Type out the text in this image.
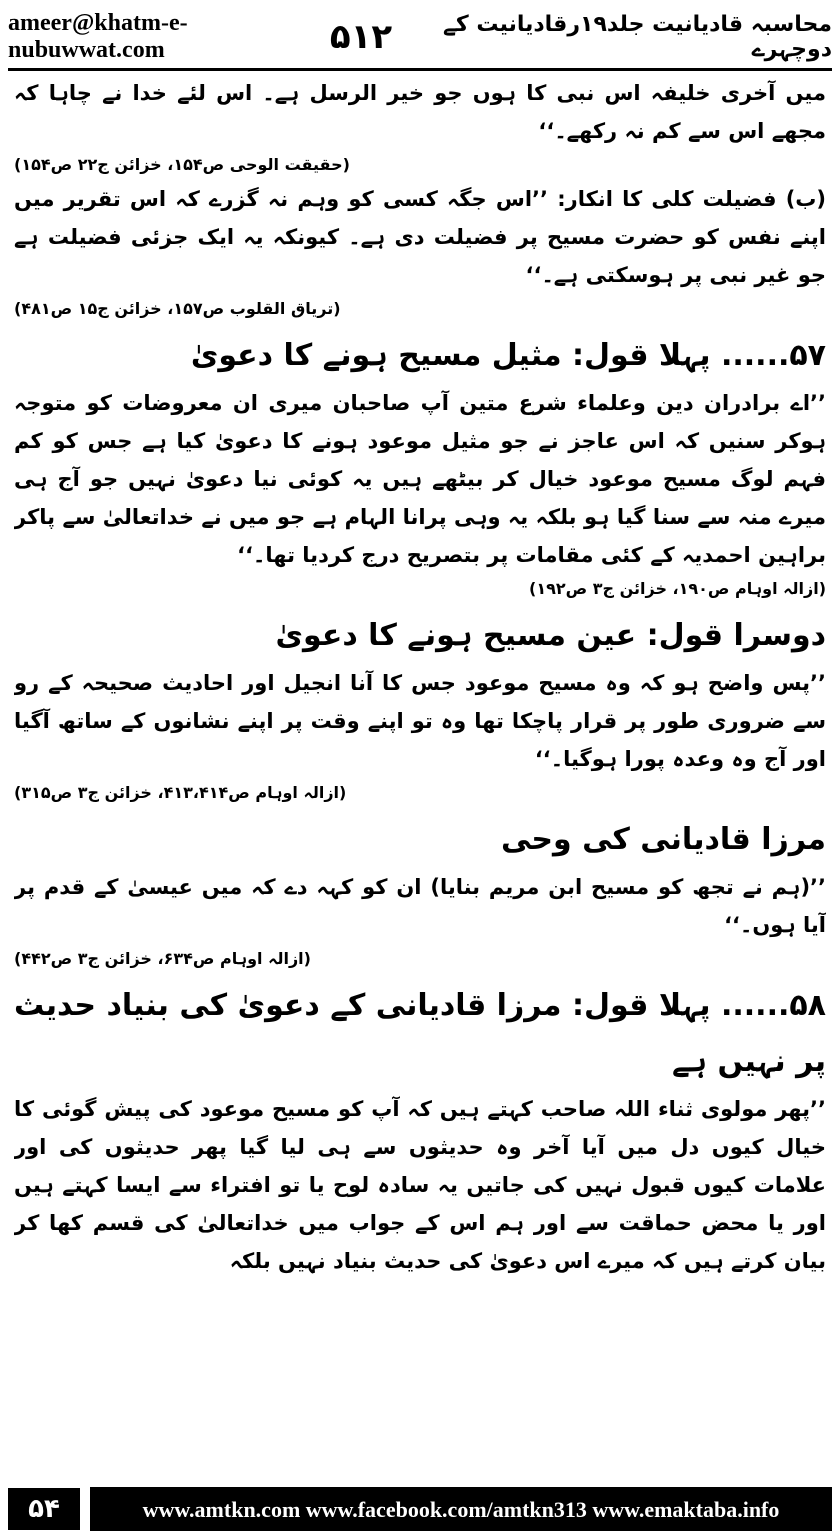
ameer@khatm-e-nubuwwat.com	۵۱۲	محاسبہ قادیانیت جلد۱۹رقادیانیت کے دوچہرے

میں آخری خلیفہ اس نبی کا ہوں جو خیر الرسل ہے۔ اس لئے خدا نے چاہا کہ مجھے اس سے کم نہ رکھے۔‘‘

(حقیقت الوحی ص۱۵۴، خزائن ج۲۲ ص۱۵۴)

(ب) فضیلت کلی کا انکار: ’’اس جگہ کسی کو وہم نہ گزرے کہ اس تقریر میں اپنے نفس کو حضرت مسیح پر فضیلت دی ہے۔ کیونکہ یہ ایک جزئی فضیلت ہے جو غیر نبی پر ہوسکتی ہے۔‘‘

(تریاق القلوب ص۱۵۷، خزائن ج۱۵ ص۴۸۱)

۵۷...... پہلا قول: مثیل مسیح ہونے کا دعویٰ

’’اے برادران دین وعلماء شرع متین آپ صاحبان میری ان معروضات کو متوجہ ہوکر سنیں کہ اس عاجز نے جو مثیل موعود ہونے کا دعویٰ کیا ہے جس کو کم فہم لوگ مسیح موعود خیال کر بیٹھے ہیں یہ کوئی نیا دعویٰ نہیں جو آج ہی میرے منہ سے سنا گیا ہو بلکہ یہ وہی پرانا الہام ہے جو میں نے خداتعالیٰ سے پاکر براہین احمدیہ کے کئی مقامات پر بتصریح درج کردیا تھا۔‘‘

(ازالہ اوہام ص۱۹۰، خزائن ج۳ ص۱۹۲)

دوسرا قول: عین مسیح ہونے کا دعویٰ

’’پس واضح ہو کہ وہ مسیح موعود جس کا آنا انجیل اور احادیث صحیحہ کے رو سے ضروری طور پر قرار پاچکا تھا وہ تو اپنے وقت پر اپنے نشانوں کے ساتھ آگیا اور آج وہ وعدہ پورا ہوگیا۔‘‘

(ازالہ اوہام ص۴۱۳،۴۱۴، خزائن ج۳ ص۳۱۵)

مرزا قادیانی کی وحی

’’(ہم نے تجھ کو مسیح ابن مریم بنایا) ان کو کہہ دے کہ میں عیسیٰ کے قدم پر آیا ہوں۔‘‘

(ازالہ اوہام ص۶۳۴، خزائن ج۳ ص۴۴۲)

۵۸...... پہلا قول: مرزا قادیانی کے دعویٰ کی بنیاد حدیث پر نہیں ہے

’’پھر مولوی ثناء اللہ صاحب کہتے ہیں کہ آپ کو مسیح موعود کی پیش گوئی کا خیال کیوں دل میں آیا آخر وہ حدیثوں سے ہی لیا گیا پھر حدیثوں کی اور علامات کیوں قبول نہیں کی جاتیں یہ سادہ لوح یا تو افتراء سے ایسا کہتے ہیں اور یا محض حماقت سے اور ہم اس کے جواب میں خداتعالیٰ کی قسم کھا کر بیان کرتے ہیں کہ میرے اس دعویٰ کی حدیث بنیاد نہیں بلکہ

۵۴	www.amtkn.com www.facebook.com/amtkn313 www.emaktaba.info
